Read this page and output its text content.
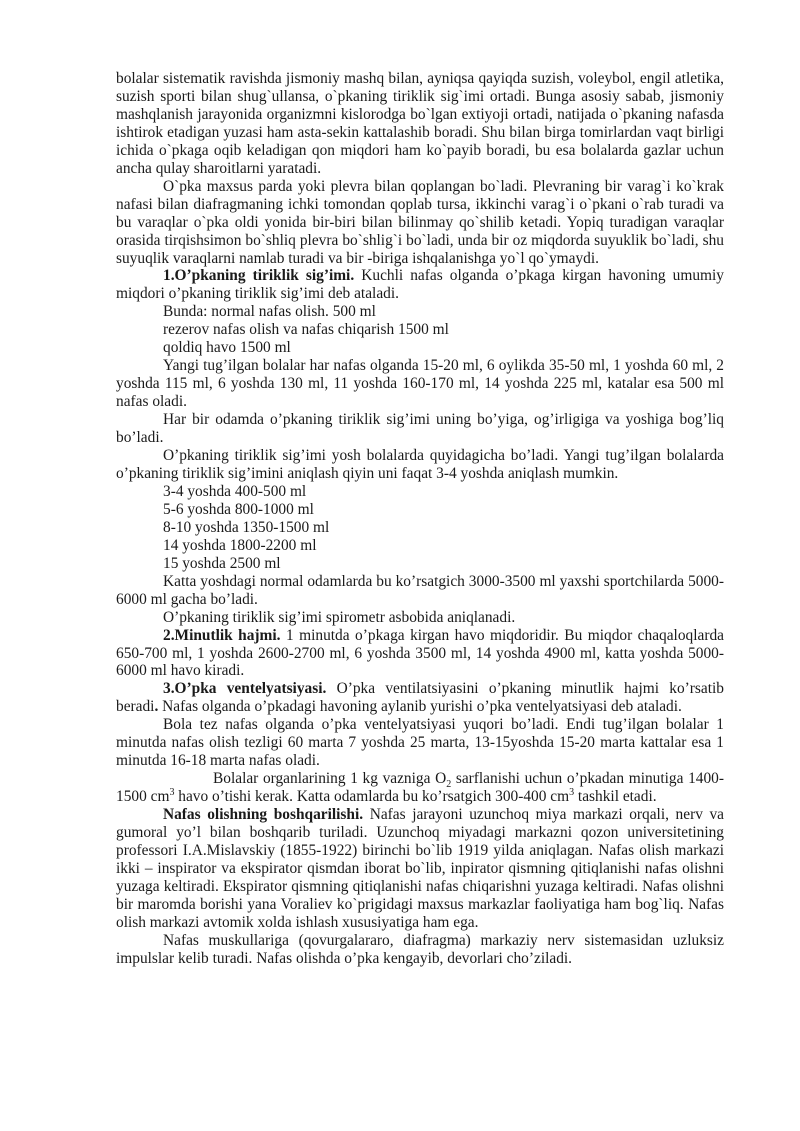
bolalar sistematik ravishda jismoniy mashq bilan, ayniqsa qayiqda suzish, voleybol, engil atletika, suzish sporti bilan shug`ullansa, o`pkaning tiriklik sig`imi ortadi. Bunga asosiy sabab, jismoniy mashqlanish jarayonida organizmni kislorodga bo`lgan extiyoji ortadi, natijada o`pkaning nafasda ishtirok etadigan yuzasi ham asta-sekin kattalashib boradi. Shu bilan birga tomirlardan vaqt birligi ichida o`pkaga oqib keladigan qon miqdori ham ko`payib boradi, bu esa bolalarda gazlar uchun ancha qulay sharoitlarni yaratadi.

O`pka maxsus parda yoki plevra bilan qoplangan bo`ladi. Plevraning bir varag`i ko`krak nafasi bilan diafragmaning ichki tomondan qoplab tursa, ikkinchi varag`i o`pkani o`rab turadi va bu varaqlar o`pka oldi yonida bir-biri bilan bilinmay qo`shilib ketadi. Yopiq turadigan varaqlar orasida tirqishsimon bo`shliq plevra bo`shlig`i bo`ladi, unda bir oz miqdorda suyuklik bo`ladi, shu suyuqlik varaqlarni namlab turadi va bir -biriga ishqalanishga yo`l qo`ymaydi.

1.O’pkaning tiriklik sig’imi. Kuchli nafas olganda o’pkaga kirgan havoning umumiy miqdori o’pkaning tiriklik sig’imi deb ataladi.

Bunda: normal nafas olish. 500 ml

rezerov nafas olish va nafas chiqarish 1500 ml

qoldiq havo 1500 ml

Yangi tug’ilgan bolalar har nafas olganda 15-20 ml, 6 oylikda 35-50 ml, 1 yoshda 60 ml, 2 yoshda 115 ml, 6 yoshda 130 ml, 11 yoshda 160-170 ml, 14 yoshda 225 ml, katalar esa 500 ml nafas oladi.

Har bir odamda o’pkaning tiriklik sig’imi uning bo’yiga, og’irligiga va yoshiga bog’liq bo’ladi.

O’pkaning tiriklik sig’imi yosh bolalarda quyidagicha bo’ladi. Yangi tug’ilgan bolalarda o’pkaning tiriklik sig’imini aniqlash qiyin uni faqat 3-4 yoshda aniqlash mumkin.

3-4 yoshda 400-500 ml

5-6 yoshda 800-1000 ml

8-10 yoshda 1350-1500 ml

14 yoshda 1800-2200 ml

15 yoshda 2500 ml

Katta yoshdagi normal odamlarda bu ko’rsatgich 3000-3500 ml yaxshi sportchilarda 5000-6000 ml gacha bo’ladi.

O’pkaning tiriklik sig’imi spirometr asbobida aniqlanadi.

2.Minutlik hajmi. 1 minutda o’pkaga kirgan havo miqdoridir. Bu miqdor chaqaloqlarda 650-700 ml, 1 yoshda 2600-2700 ml, 6 yoshda 3500 ml, 14 yoshda 4900 ml, katta yoshda 5000-6000 ml havo kiradi.

3.O’pka ventelyatsiyasi. O’pka ventilatsiyasini o’pkaning minutlik hajmi ko’rsatib beradi. Nafas olganda o’pkadagi havoning aylanib yurishi o’pka ventelyatsiyasi deb ataladi.

Bola tez nafas olganda o’pka ventelyatsiyasi yuqori bo’ladi. Endi tug’ilgan bolalar 1 minutda nafas olish tezligi 60 marta 7 yoshda 25 marta, 13-15yoshda 15-20 marta kattalar esa 1 minutda 16-18 marta nafas oladi.

Bolalar organlarining 1 kg vazniga $O_2$ sarflanishi uchun o’pkadan minutiga 1400-1500 $cm^3$ havo o’tishi kerak. Katta odamlarda bu ko’rsatgich 300-400 $cm^3$ tashkil etadi.

Nafas olishning boshqarilishi. Nafas jarayoni uzunchoq miya markazi orqali, nerv va gumoral yo’l bilan boshqarib turiladi. Uzunchoq miyadagi markazni qozon universitetining professori I.A.Mislavskiy (1855-1922) birinchi bo`lib 1919 yilda aniqlagan. Nafas olish markazi ikki – inspirator va ekspirator qismdan iborat bo`lib, inpirator qismning qitiqlanishi nafas olishni yuzaga keltiradi. Ekspirator qismning qitiqlanishi nafas chiqarishni yuzaga keltiradi. Nafas olishni bir maromda borishi yana Voraliev ko`prigidagi maxsus markazlar faoliyatiga ham bog`liq. Nafas olish markazi avtomik xolda ishlash xususiyatiga ham ega.

Nafas muskullariga (qovurgalararo, diafragma) markaziy nerv sistemasidan uzluksiz impulslar kelib turadi. Nafas olishda o’pka kengayib, devorlari cho’ziladi.
